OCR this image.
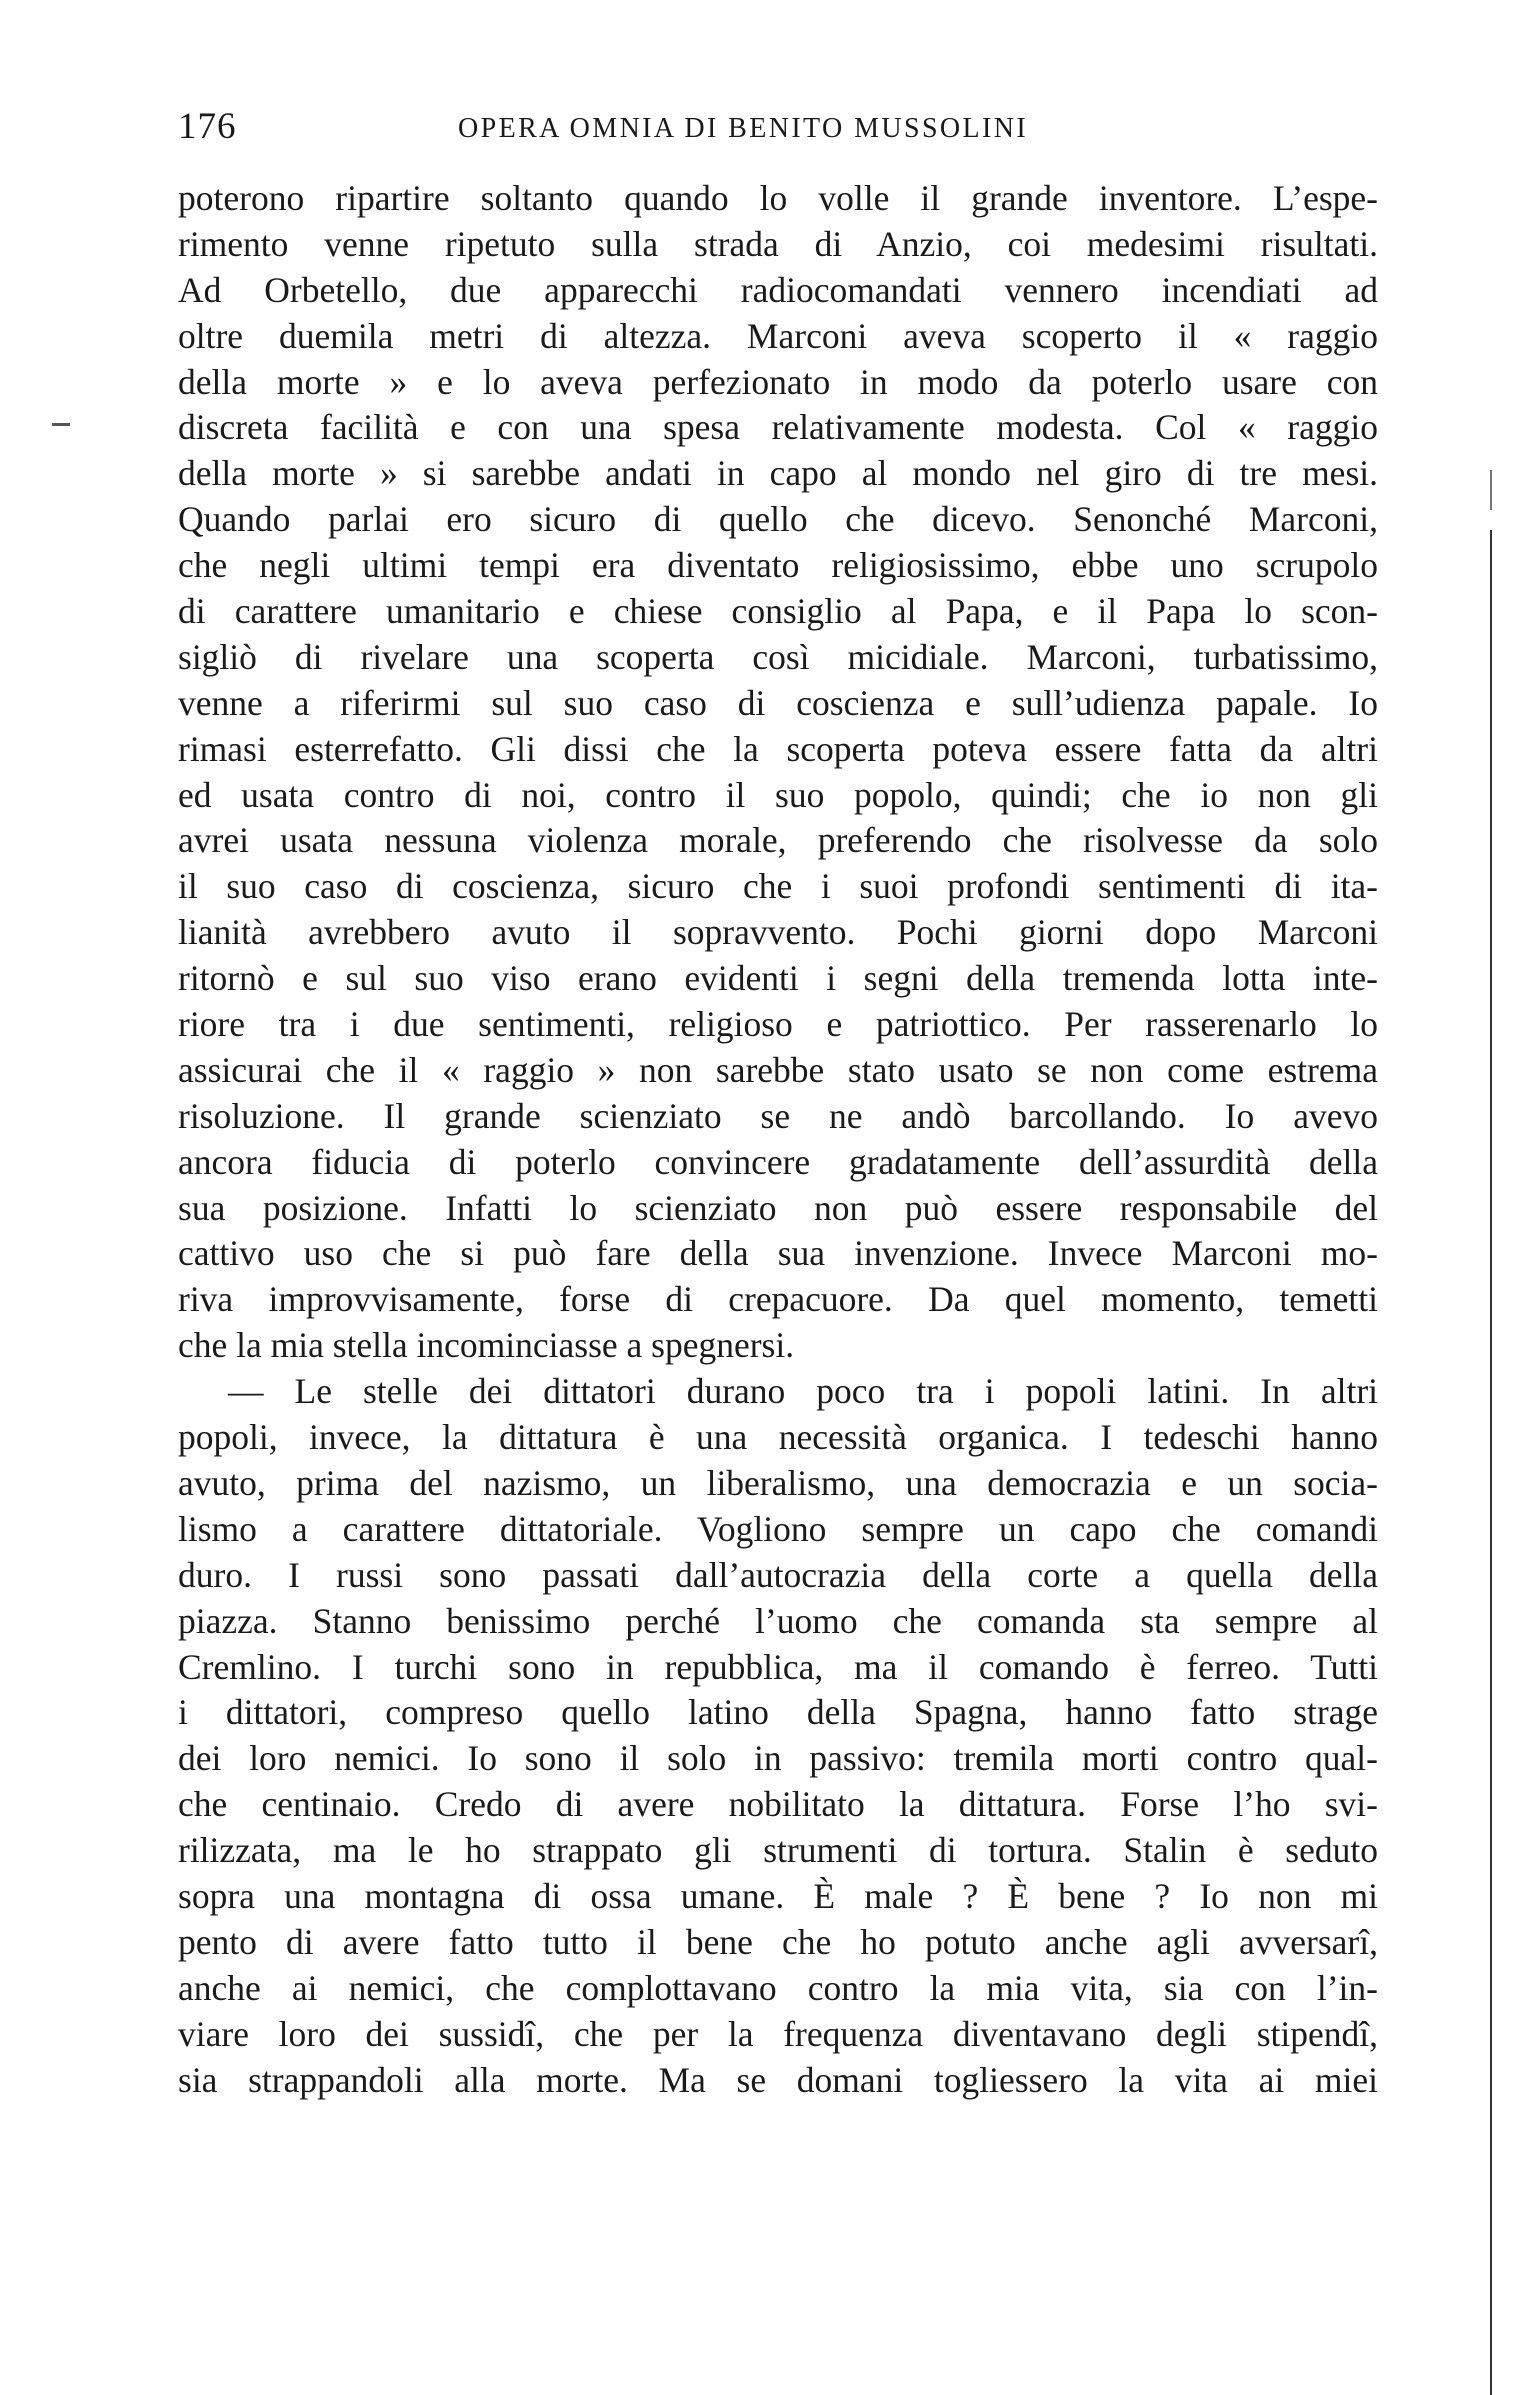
176	OPERA OMNIA DI BENITO MUSSOLINI
poterono ripartire soltanto quando lo volle il grande inventore. L’espe-
rimento venne ripetuto sulla strada di Anzio, coi medesimi risultati.
Ad Orbetello, due apparecchi radiocomandati vennero incendiati ad
oltre duemila metri di altezza. Marconi aveva scoperto il « raggio
della morte » e lo aveva perfezionato in modo da poterlo usare con
discreta facilità e con una spesa relativamente modesta. Col « raggio
della morte » si sarebbe andati in capo al mondo nel giro di tre mesi.
Quando parlai ero sicuro di quello che dicevo. Senonché Marconi,
che negli ultimi tempi era diventato religiosissimo, ebbe uno scrupolo
di carattere umanitario e chiese consiglio al Papa, e il Papa lo scon-
sigliò di rivelare una scoperta così micidiale. Marconi, turbatissimo,
venne a riferirmi sul suo caso di coscienza e sull’udienza papale. Io
rimasi esterrefatto. Gli dissi che la scoperta poteva essere fatta da altri
ed usata contro di noi, contro il suo popolo, quindi; che io non gli
avrei usata nessuna violenza morale, preferendo che risolvesse da solo
il suo caso di coscienza, sicuro che i suoi profondi sentimenti di ita-
lianità avrebbero avuto il sopravvento. Pochi giorni dopo Marconi
ritornò e sul suo viso erano evidenti i segni della tremenda lotta inte-
riore tra i due sentimenti, religioso e patriottico. Per rasserenarlo lo
assicurai che il « raggio » non sarebbe stato usato se non come estrema
risoluzione. Il grande scienziato se ne andò barcollando. Io avevo
ancora fiducia di poterlo convincere gradatamente dell’assurdità della
sua posizione. Infatti lo scienziato non può essere responsabile del
cattivo uso che si può fare della sua invenzione. Invece Marconi mo-
riva improvvisamente, forse di crepacuore. Da quel momento, temetti
che la mia stella incominciasse a spegnersi.
— Le stelle dei dittatori durano poco tra i popoli latini. In altri
popoli, invece, la dittatura è una necessità organica. I tedeschi hanno
avuto, prima del nazismo, un liberalismo, una democrazia e un socia-
lismo a carattere dittatoriale. Vogliono sempre un capo che comandi
duro. I russi sono passati dall’autocrazia della corte a quella della
piazza. Stanno benissimo perché l’uomo che comanda sta sempre al
Cremlino. I turchi sono in repubblica, ma il comando è ferreo. Tutti
i dittatori, compreso quello latino della Spagna, hanno fatto strage
dei loro nemici. Io sono il solo in passivo: tremila morti contro qual-
che centinaio. Credo di avere nobilitato la dittatura. Forse l’ho svi-
rilizzata, ma le ho strappato gli strumenti di tortura. Stalin è seduto
sopra una montagna di ossa umane. È male ? È bene ? Io non mi
pento di avere fatto tutto il bene che ho potuto anche agli avversarî,
anche ai nemici, che complottavano contro la mia vita, sia con l’in-
viare loro dei sussidî, che per la frequenza diventavano degli stipendî,
sia strappandoli alla morte. Ma se domani togliessero la vita ai miei
